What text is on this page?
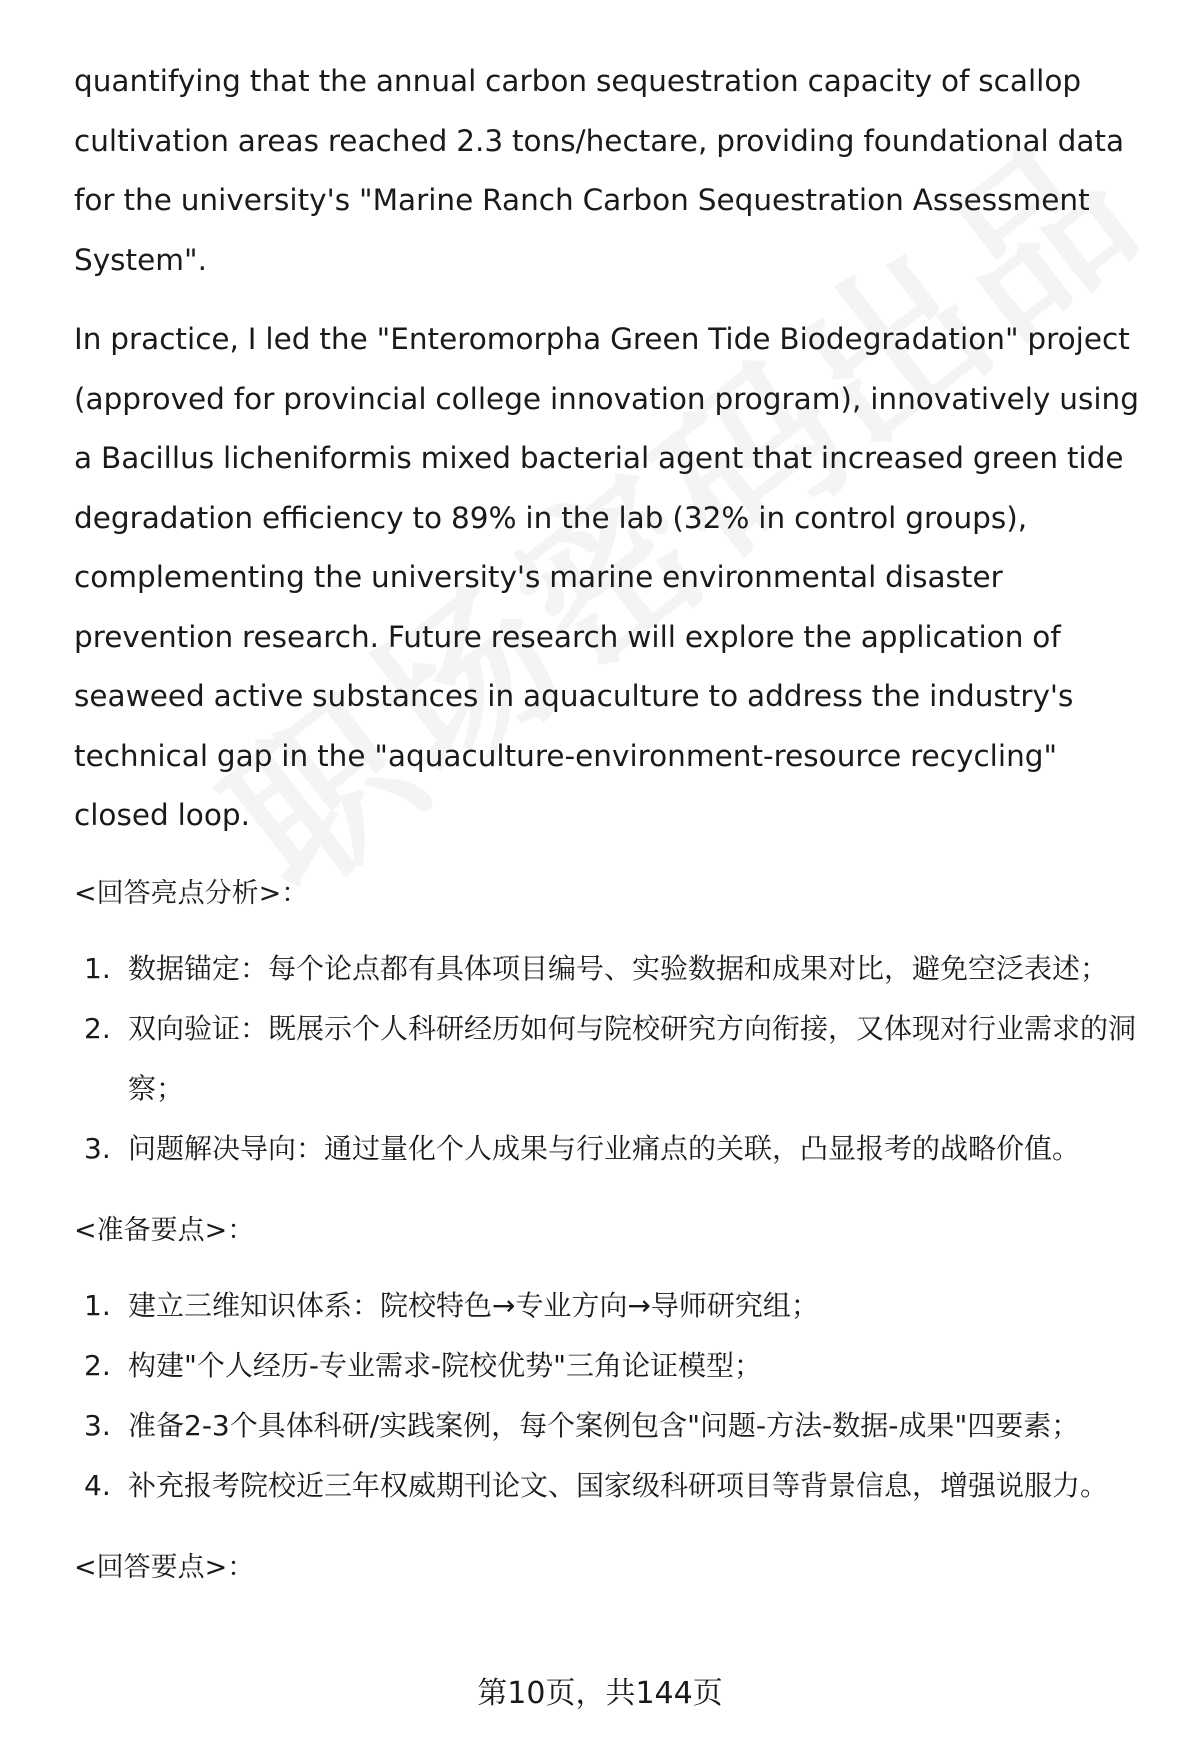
quantifying that the annual carbon sequestration capacity of scallop cultivation areas reached 2.3 tons/hectare, providing foundational data for the university's "Marine Ranch Carbon Sequestration Assessment System".

In practice, I led the "Enteromorpha Green Tide Biodegradation" project (approved for provincial college innovation program), innovatively using a Bacillus licheniformis mixed bacterial agent that increased green tide degradation efficiency to 89% in the lab (32% in control groups), complementing the university's marine environmental disaster prevention research. Future research will explore the application of seaweed active substances in aquaculture to address the industry's technical gap in the "aquaculture-environment-resource recycling" closed loop.

<回答亮点分析>：

1. 数据锚定：每个论点都有具体项目编号、实验数据和成果对比，避免空泛表述；
2. 双向验证：既展示个人科研经历如何与院校研究方向衔接，又体现对行业需求的洞察；
3. 问题解决导向：通过量化个人成果与行业痛点的关联，凸显报考的战略价值。

<准备要点>：

1. 建立三维知识体系：院校特色→专业方向→导师研究组；
2. 构建"个人经历-专业需求-院校优势"三角论证模型；
3. 准备2-3个具体科研/实践案例，每个案例包含"问题-方法-数据-成果"四要素；
4. 补充报考院校近三年权威期刊论文、国家级科研项目等背景信息，增强说服力。

<回答要点>：

第10页，共144页
